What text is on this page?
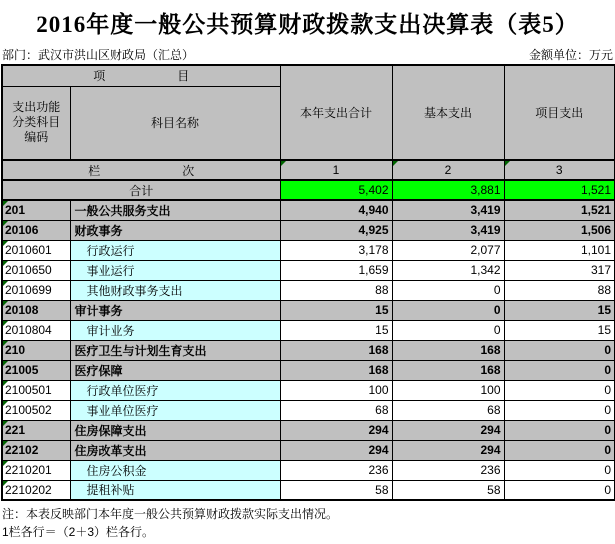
2016年度一般公共预算财政拨款支出决算表（表5）
部门：武汉市洪山区财政局（汇总）	金额单位：万元
项目		本年支出合计	基本支出	项目支出
支出功能分类科目编码	科目名称			
栏次		1	2	3
合计		5,402	3,881	1,521

201	一般公共服务支出	4,940	3,419	1,521

20106	财政事务	4,925	3,419	1,506

2010601	行政运行	3,178	2,077	1,101

2010650	事业运行	1,659	1,342	317

2010699	其他财政事务支出	88	0	88

20108	审计事务	15	0	15

2010804	审计业务	15	0	15

210	医疗卫生与计划生育支出	168	168	0

21005	医疗保障	168	168	0

2100501	行政单位医疗	100	100	0

2100502	事业单位医疗	68	68	0

221	住房保障支出	294	294	0

22102	住房改革支出	294	294	0

2210201	住房公积金	236	236	0

2210202	提租补贴	58	58	0
注：本表反映部门本年度一般公共预算财政拨款实际支出情况。
1栏各行＝（2＋3）栏各行。
